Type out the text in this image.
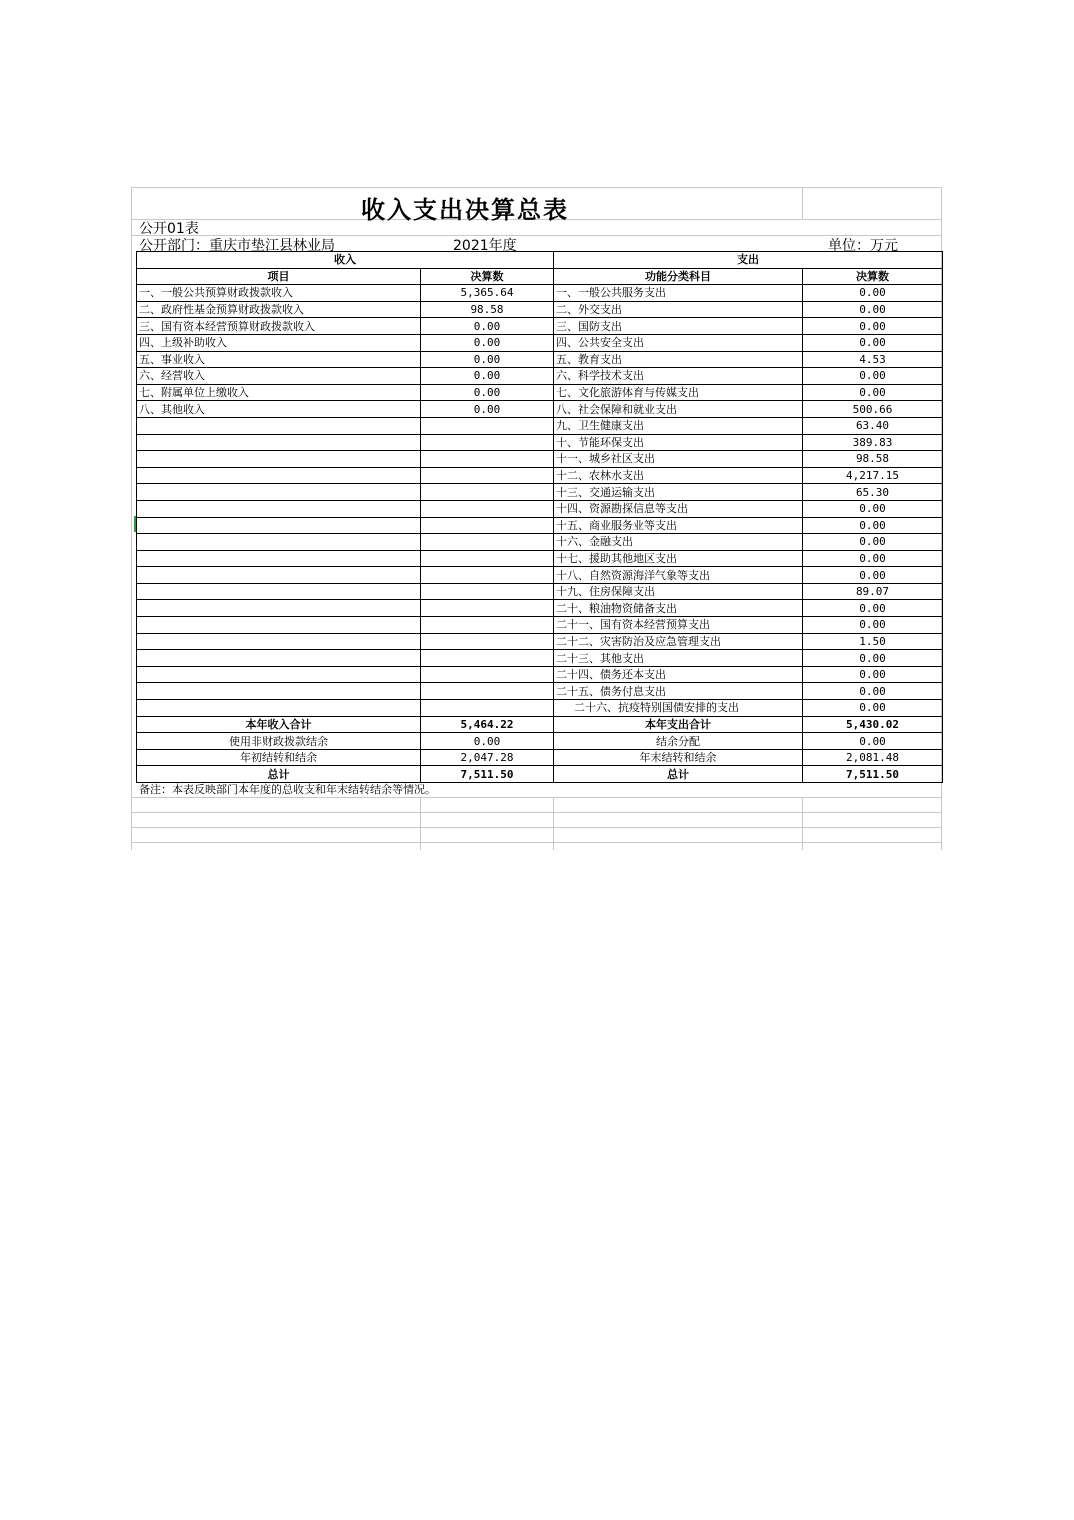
收入支出决算总表
公开01表
公开部门：重庆市垫江县林业局	2021年度	单位：万元
收入		支出	
项目	决算数	功能分类科目	决算数
一、一般公共预算财政拨款收入	5,365.64	一、一般公共服务支出	0.00
二、政府性基金预算财政拨款收入	98.58	二、外交支出	0.00
三、国有资本经营预算财政拨款收入	0.00	三、国防支出	0.00
四、上级补助收入	0.00	四、公共安全支出	0.00
五、事业收入	0.00	五、教育支出	4.53
六、经营收入	0.00	六、科学技术支出	0.00
七、附属单位上缴收入	0.00	七、文化旅游体育与传媒支出	0.00
八、其他收入	0.00	八、社会保障和就业支出	500.66
		九、卫生健康支出	63.40
		十、节能环保支出	389.83
		十一、城乡社区支出	98.58
		十二、农林水支出	4,217.15
		十三、交通运输支出	65.30
		十四、资源勘探信息等支出	0.00
		十五、商业服务业等支出	0.00
		十六、金融支出	0.00
		十七、援助其他地区支出	0.00
		十八、自然资源海洋气象等支出	0.00
		十九、住房保障支出	89.07
		二十、粮油物资储备支出	0.00
		二十一、国有资本经营预算支出	0.00
		二十二、灾害防治及应急管理支出	1.50
		二十三、其他支出	0.00
		二十四、债务还本支出	0.00
		二十五、债务付息支出	0.00
		二十六、抗疫特别国债安排的支出	0.00
本年收入合计	5,464.22	本年支出合计	5,430.02
使用非财政拨款结余	0.00	结余分配	0.00
年初结转和结余	2,047.28	年末结转和结余	2,081.48
总计	7,511.50	总计	7,511.50
备注：本表反映部门本年度的总收支和年末结转结余等情况。
